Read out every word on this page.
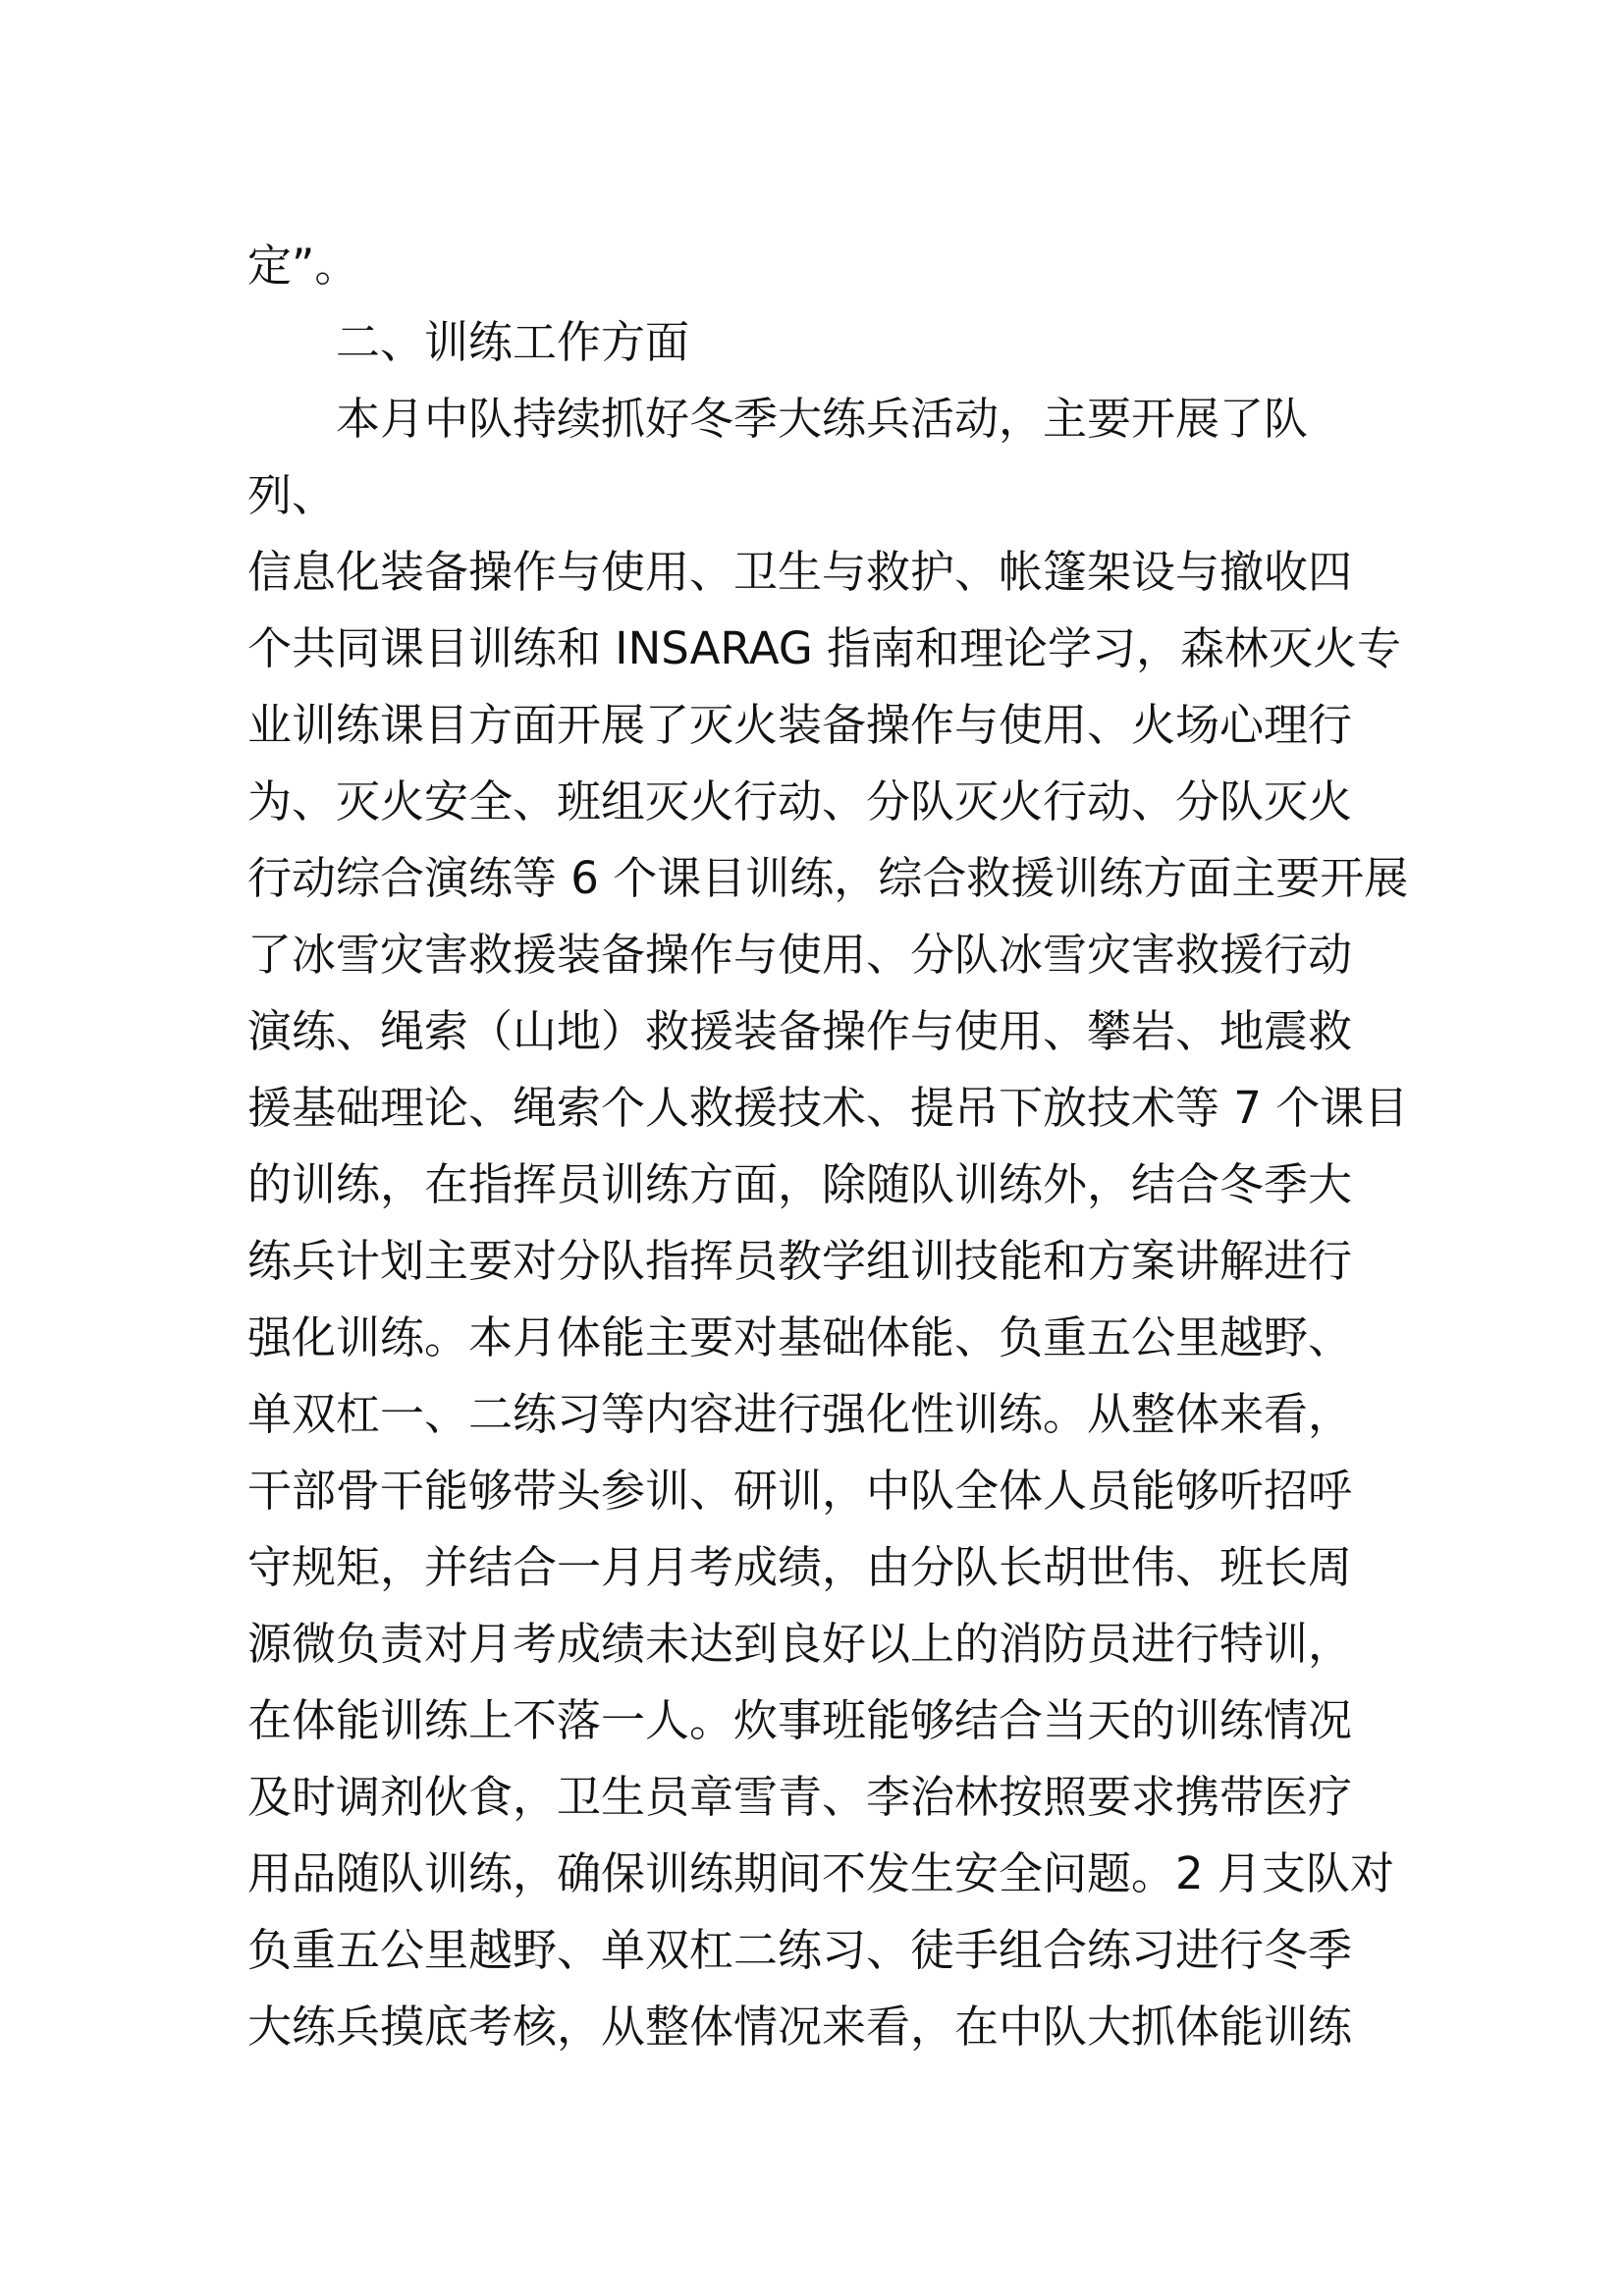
定”。
二、训练工作方面
本月中队持续抓好冬季大练兵活动，主要开展了队
列、
信息化装备操作与使用、卫生与救护、帐篷架设与撤收四
个共同课目训练和 INSARAG 指南和理论学习，森林灭火专
业训练课目方面开展了灭火装备操作与使用、火场心理行
为、灭火安全、班组灭火行动、分队灭火行动、分队灭火
行动综合演练等 6 个课目训练，综合救援训练方面主要开展
了冰雪灾害救援装备操作与使用、分队冰雪灾害救援行动
演练、绳索（山地）救援装备操作与使用、攀岩、地震救
援基础理论、绳索个人救援技术、提吊下放技术等 7 个课目
的训练，在指挥员训练方面，除随队训练外，结合冬季大
练兵计划主要对分队指挥员教学组训技能和方案讲解进行
强化训练。本月体能主要对基础体能、负重五公里越野、
单双杠一、二练习等内容进行强化性训练。从整体来看，
干部骨干能够带头参训、研训，中队全体人员能够听招呼
守规矩，并结合一月月考成绩，由分队长胡世伟、班长周
源微负责对月考成绩未达到良好以上的消防员进行特训，
在体能训练上不落一人。炊事班能够结合当天的训练情况
及时调剂伙食，卫生员章雪青、李治林按照要求携带医疗
用品随队训练，确保训练期间不发生安全问题。2 月支队对
负重五公里越野、单双杠二练习、徒手组合练习进行冬季
大练兵摸底考核，从整体情况来看，在中队大抓体能训练
